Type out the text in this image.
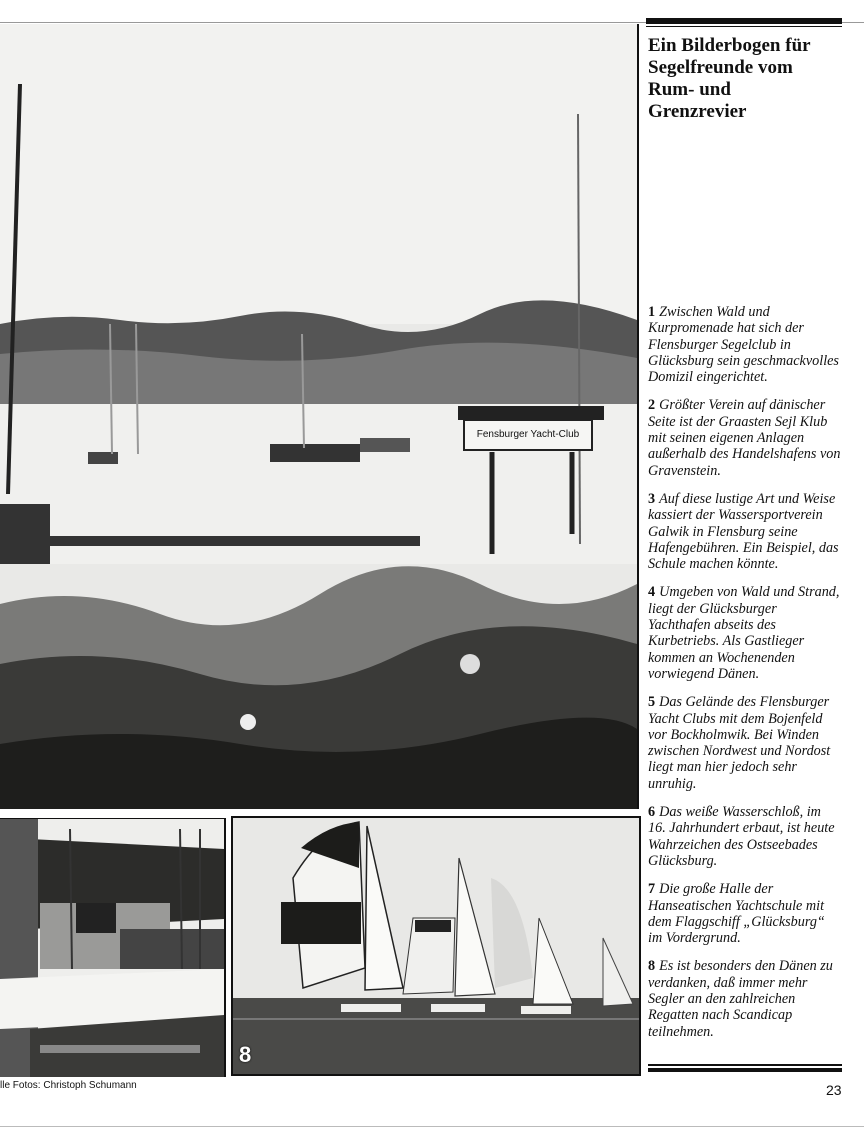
Fensburger Yacht-Club
8
Ein Bilderbogen für Segelfreunde vom Rum- und Grenzrevier

1 Zwischen Wald und Kurpromenade hat sich der Flensburger Segelclub in Glücksburg sein geschmackvolles Domizil eingerichtet.

2 Größter Verein auf dänischer Seite ist der Graasten Sejl Klub mit seinen eigenen Anlagen außerhalb des Handelshafens von Gravenstein.

3 Auf diese lustige Art und Weise kassiert der Wassersportverein Galwik in Flensburg seine Hafengebühren. Ein Beispiel, das Schule machen könnte.

4 Umgeben von Wald und Strand, liegt der Glücksburger Yachthafen abseits des Kurbetriebs. Als Gastlieger kommen an Wochenenden vorwiegend Dänen.

5 Das Gelände des Flensburger Yacht Clubs mit dem Bojenfeld vor Bockholmwik. Bei Winden zwischen Nordwest und Nordost liegt man hier jedoch sehr unruhig.

6 Das weiße Wasserschloß, im 16. Jahrhundert erbaut, ist heute Wahrzeichen des Ostseebades Glücksburg.

7 Die große Halle der Hanseatischen Yachtschule mit dem Flaggschiff „Glücksburg“ im Vordergrund.

8 Es ist besonders den Dänen zu verdanken, daß immer mehr Segler an den zahlreichen Regatten nach Scandicap teilnehmen.

lle Fotos: Christoph Schumann	23
